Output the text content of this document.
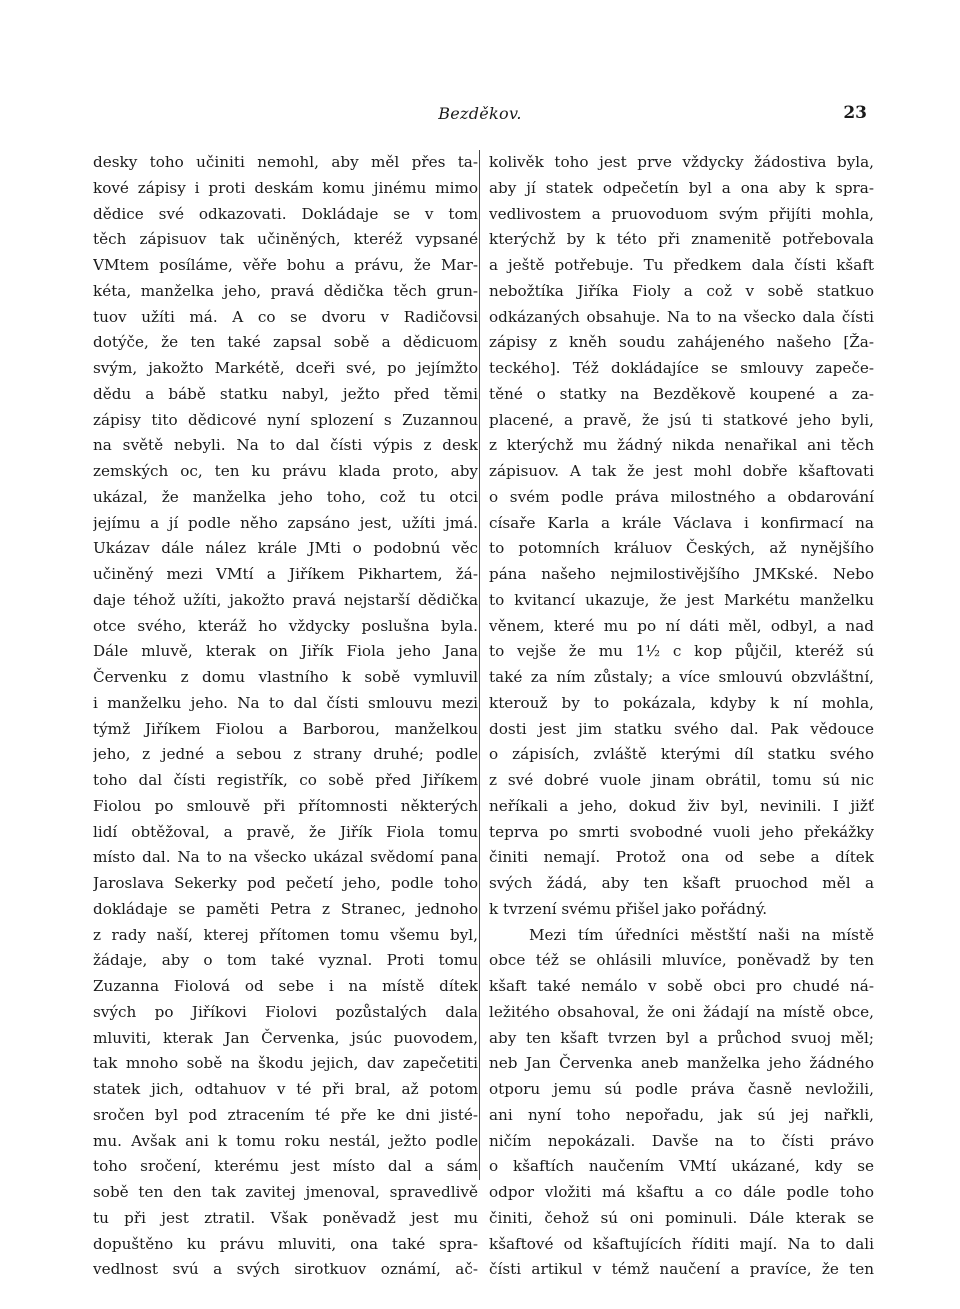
Bezděkov.	23
desky toho učiniti nemohl, aby měl přes ta-
kové zápisy i proti deskám komu jinému mimo
dědice své odkazovati. Dokládaje se v tom
těch zápisuov tak učiněných, kteréž vypsané
VMtem posíláme, věře bohu a právu, že Mar-
kéta, manželka jeho, pravá dědička těch grun-
tuov užíti má. A co se dvoru v Radičovsi
dotýče, že ten také zapsal sobě a dědicuom
svým, jakožto Markétě, dceři své, po jejímžto
dědu a bábě statku nabyl, ježto před těmi
zápisy tito dědicové nyní splození s Zuzannou
na světě nebyli. Na to dal čísti výpis z desk
zemských oc, ten ku právu klada proto, aby
ukázal, že manželka jeho toho, což tu otci
jejímu a jí podle něho zapsáno jest, užíti jmá.
Ukázav dále nález krále JMti o podobnú věc
učiněný mezi VMtí a Jiříkem Pikhartem, žá-
daje téhož užíti, jakožto pravá nejstarší dědička
otce svého, kteráž ho vždycky poslušna byla.
Dále mluvě, kterak on Jiřík Fiola jeho Jana
Červenku z domu vlastního k sobě vymluvil
i manželku jeho. Na to dal čísti smlouvu mezi
týmž Jiříkem Fiolou a Barborou, manželkou
jeho, z jedné a sebou z strany druhé; podle
toho dal čísti registřík, co sobě před Jiříkem
Fiolou po smlouvě při přítomnosti některých
lidí obtěžoval, a pravě, že Jiřík Fiola tomu
místo dal. Na to na všecko ukázal svědomí pana
Jaroslava Sekerky pod pečetí jeho, podle toho
dokládaje se paměti Petra z Stranec, jednoho
z rady naší, kterej přítomen tomu všemu byl,
žádaje, aby o tom také vyznal. Proti tomu
Zuzanna Fiolová od sebe i na místě dítek
svých po Jiříkovi Fiolovi pozůstalých dala
mluviti, kterak Jan Červenka, jsúc puovodem,
tak mnoho sobě na škodu jejich, dav zapečetiti
statek jich, odtahuov v té při bral, až potom
sročen byl pod ztracením té pře ke dni jisté-
mu. Avšak ani k tomu roku nestál, ježto podle
toho sročení, kterému jest místo dal a sám
sobě ten den tak zavitej jmenoval, spravedlivě
tu při jest ztratil. Však poněvadž jest mu
dopuštěno ku právu mluviti, ona také spra-
vedlnost svú a svých sirotkuov oznámí, ač-
kolivěk toho jest prve vždycky žádostiva byla,
aby jí statek odpečetín byl a ona aby k spra-
vedlivostem a pruovoduom svým přijíti mohla,
kterýchž by k této při znamenitě potřebovala
a ještě potřebuje. Tu předkem dala čísti kšaft
nebožtíka Jiříka Fioly a což v sobě statkuo
odkázaných obsahuje. Na to na všecko dala čísti
zápisy z kněh soudu zahájeného našeho [Ža-
teckého]. Též dokládajíce se smlouvy zapeče-
těné o statky na Bezděkově koupené a za-
placené, a pravě, že jsú ti statkové jeho byli,
z kterýchž mu žádný nikda nenařikal ani těch
zápisuov. A tak že jest mohl dobře kšaftovati
o svém podle práva milostného a obdarování
císaře Karla a krále Václava i konfirmací na
to potomních králuov Českých, až nynějšího
pána našeho nejmilostivějšího JMKské. Nebo
to kvitancí ukazuje, že jest Markétu manželku
věnem, které mu po ní dáti měl, odbyl, a nad
to vejše že mu 1½ c kop půjčil, kteréž sú
také za ním zůstaly; a více smlouvú obzvláštní,
kterouž by to pokázala, kdyby k ní mohla,
dosti jest jim statku svého dal. Pak vědouce
o zápisích, zvláště kterými díl statku svého
z své dobré vuole jinam obrátil, tomu sú nic
neříkali a jeho, dokud živ byl, nevinili. I jižť
teprva po smrti svobodné vuoli jeho překážky
činiti nemají. Protož ona od sebe a dítek
svých žádá, aby ten kšaft pruochod měl a
k tvrzení svému přišel jako pořádný.
Mezi tím úředníci městští naši na místě
obce též se ohlásili mluvíce, poněvadž by ten
kšaft také nemálo v sobě obci pro chudé ná-
ležitého obsahoval, že oni žádají na místě obce,
aby ten kšaft tvrzen byl a průchod svuoj měl;
neb Jan Červenka aneb manželka jeho žádného
otporu jemu sú podle práva časně nevložili,
ani nyní toho nepořadu, jak sú jej nařkli,
ničím nepokázali. Davše na to čísti právo
o kšaftích naučením VMtí ukázané, kdy se
odpor vložiti má kšaftu a co dále podle toho
činiti, čehož sú oni pominuli. Dále kterak se
kšaftové od kšaftujících říditi mají. Na to dali
čísti artikul v témž naučení a pravíce, že ten
